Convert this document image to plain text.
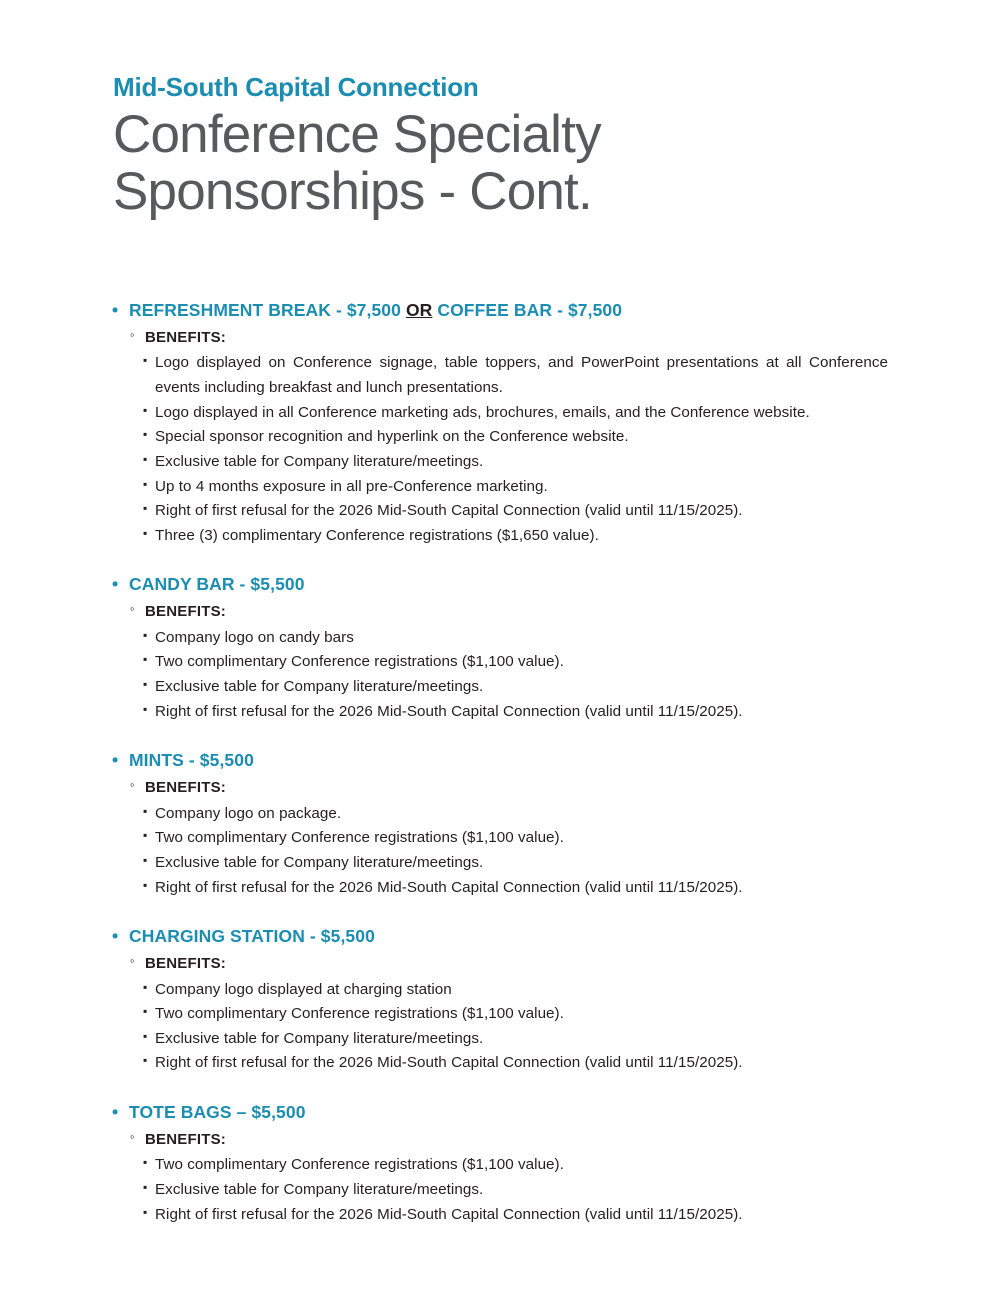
Mid-South Capital Connection
Conference Specialty
Sponsorships - Cont.
• REFRESHMENT BREAK - $7,500 OR COFFEE BAR - $7,500
◦ BENEFITS:
▪ Logo displayed on Conference signage, table toppers, and PowerPoint presentations at all Conference events including breakfast and lunch presentations.
▪ Logo displayed in all Conference marketing ads, brochures, emails, and the Conference website.
▪ Special sponsor recognition and hyperlink on the Conference website.
▪ Exclusive table for Company literature/meetings.
▪ Up to 4 months exposure in all pre-Conference marketing.
▪ Right of first refusal for the 2026 Mid-South Capital Connection (valid until 11/15/2025).
▪ Three (3) complimentary Conference registrations ($1,650 value).
• CANDY BAR - $5,500
◦ BENEFITS:
▪ Company logo on candy bars
▪ Two complimentary Conference registrations ($1,100 value).
▪ Exclusive table for Company literature/meetings.
▪ Right of first refusal for the 2026 Mid-South Capital Connection (valid until 11/15/2025).
• MINTS - $5,500
◦ BENEFITS:
▪ Company logo on package.
▪ Two complimentary Conference registrations ($1,100 value).
▪ Exclusive table for Company literature/meetings.
▪ Right of first refusal for the 2026 Mid-South Capital Connection (valid until 11/15/2025).
• CHARGING STATION - $5,500
◦ BENEFITS:
▪ Company logo displayed at charging station
▪ Two complimentary Conference registrations ($1,100 value).
▪ Exclusive table for Company literature/meetings.
▪ Right of first refusal for the 2026 Mid-South Capital Connection (valid until 11/15/2025).
• TOTE BAGS – $5,500
◦ BENEFITS:
▪ Two complimentary Conference registrations ($1,100 value).
▪ Exclusive table for Company literature/meetings.
▪ Right of first refusal for the 2026 Mid-South Capital Connection (valid until 11/15/2025).
